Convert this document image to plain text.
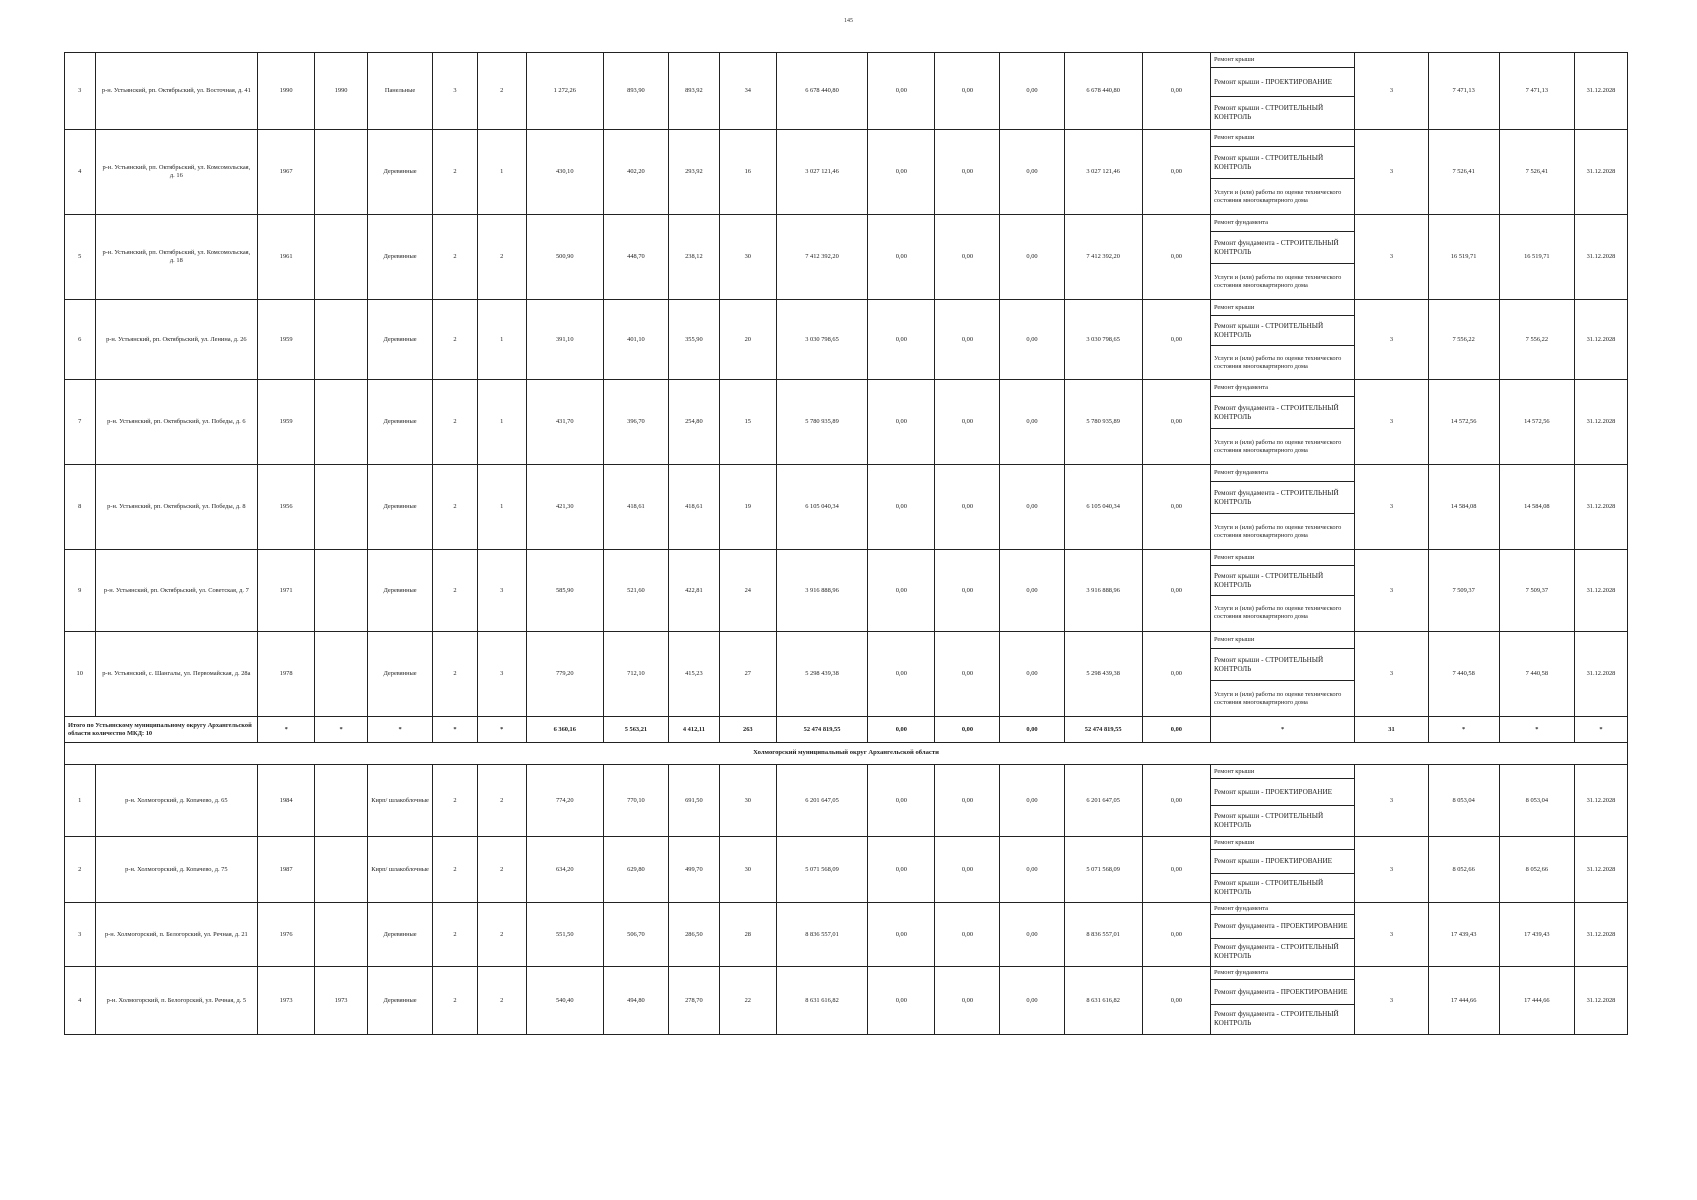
145
3	р-н. Устьянский, рп. Октябрьский, ул. Восточная, д. 41	1990	1990	Панельные	3	2	1 272,26	893,90	893,92	34	6 678 440,80	0,00	0,00	0,00	6 678 440,80	0,00	Ремонт крыши
Ремонт крыши - ПРОЕКТИРОВАНИЕ
Ремонт крыши - СТРОИТЕЛЬНЫЙ КОНТРОЛЬ	3	7 471,13	7 471,13	31.12.2028
4	р-н. Устьянский, рп. Октябрьский, ул. Комсомольская, д. 16	1967		Деревянные	2	1	430,10	402,20	293,92	16	3 027 121,46	0,00	0,00	0,00	3 027 121,46	0,00	Ремонт крыши
Ремонт крыши - СТРОИТЕЛЬНЫЙ КОНТРОЛЬ
Услуги и (или) работы по оценке технического состояния многоквартирного дома	3	7 526,41	7 526,41	31.12.2028
5	р-н. Устьянский, рп. Октябрьский, ул. Комсомольская, д. 18	1961		Деревянные	2	2	500,90	448,70	238,12	30	7 412 392,20	0,00	0,00	0,00	7 412 392,20	0,00	Ремонт фундамента
Ремонт фундамента - СТРОИТЕЛЬНЫЙ КОНТРОЛЬ
Услуги и (или) работы по оценке технического состояния многоквартирного дома	3	16 519,71	16 519,71	31.12.2028
6	р-н. Устьянский, рп. Октябрьский, ул. Ленина, д. 26	1959		Деревянные	2	1	391,10	401,10	355,90	20	3 030 798,65	0,00	0,00	0,00	3 030 798,65	0,00	Ремонт крыши
Ремонт крыши - СТРОИТЕЛЬНЫЙ КОНТРОЛЬ
Услуги и (или) работы по оценке технического состояния многоквартирного дома	3	7 556,22	7 556,22	31.12.2028
7	р-н. Устьянский, рп. Октябрьский, ул. Победы, д. 6	1959		Деревянные	2	1	431,70	396,70	254,80	15	5 780 935,89	0,00	0,00	0,00	5 780 935,89	0,00	Ремонт фундамента
Ремонт фундамента - СТРОИТЕЛЬНЫЙ КОНТРОЛЬ
Услуги и (или) работы по оценке технического состояния многоквартирного дома	3	14 572,56	14 572,56	31.12.2028
8	р-н. Устьянский, рп. Октябрьский, ул. Победы, д. 8	1956		Деревянные	2	1	421,30	418,61	418,61	19	6 105 040,34	0,00	0,00	0,00	6 105 040,34	0,00	Ремонт фундамента
Ремонт фундамента - СТРОИТЕЛЬНЫЙ КОНТРОЛЬ
Услуги и (или) работы по оценке технического состояния многоквартирного дома	3	14 584,08	14 584,08	31.12.2028
9	р-н. Устьянский, рп. Октябрьский, ул. Советская, д. 7	1971		Деревянные	2	3	585,90	521,60	422,81	24	3 916 888,96	0,00	0,00	0,00	3 916 888,96	0,00	Ремонт крыши
Ремонт крыши - СТРОИТЕЛЬНЫЙ КОНТРОЛЬ
Услуги и (или) работы по оценке технического состояния многоквартирного дома	3	7 509,37	7 509,37	31.12.2028
10	р-н. Устьянский, с. Шангалы, ул. Первомайская, д. 28а	1978		Деревянные	2	3	779,20	712,10	415,23	27	5 298 439,38	0,00	0,00	0,00	5 298 439,38	0,00	Ремонт крыши
Ремонт крыши - СТРОИТЕЛЬНЫЙ КОНТРОЛЬ
Услуги и (или) работы по оценке технического состояния многоквартирного дома	3	7 440,58	7 440,58	31.12.2028
Итого по Устьянскому муниципальному округу Архангельской области количество МКД: 10		*	*	*	*	*	6 360,16	5 563,21	4 412,11	263	52 474 819,55	0,00	0,00	0,00	52 474 819,55	0,00	*	31	*	*	*
Холмогорский муниципальный округ Архангельской области																					
1	р-н. Холмогорский, д. Копачево, д. 65	1984		Кирп/ шлакоблочные	2	2	774,20	770,10	691,50	30	6 201 647,05	0,00	0,00	0,00	6 201 647,05	0,00	Ремонт крыши
Ремонт крыши - ПРОЕКТИРОВАНИЕ
Ремонт крыши - СТРОИТЕЛЬНЫЙ КОНТРОЛЬ	3	8 053,04	8 053,04	31.12.2028
2	р-н. Холмогорский, д. Копачево, д. 75	1987		Кирп/ шлакоблочные	2	2	634,20	629,80	499,70	30	5 071 568,09	0,00	0,00	0,00	5 071 568,09	0,00	Ремонт крыши
Ремонт крыши - ПРОЕКТИРОВАНИЕ
Ремонт крыши - СТРОИТЕЛЬНЫЙ КОНТРОЛЬ	3	8 052,66	8 052,66	31.12.2028
3	р-н. Холмогорский, п. Белогорский, ул. Речная, д. 21	1976		Деревянные	2	2	551,50	506,70	286,50	28	8 836 557,01	0,00	0,00	0,00	8 836 557,01	0,00	Ремонт фундамента
Ремонт фундамента - ПРОЕКТИРОВАНИЕ
Ремонт фундамента - СТРОИТЕЛЬНЫЙ КОНТРОЛЬ	3	17 439,43	17 439,43	31.12.2028
4	р-н. Холмогорский, п. Белогорский, ул. Речная, д. 5	1973	1973	Деревянные	2	2	540,40	494,80	278,70	22	8 631 616,82	0,00	0,00	0,00	8 631 616,82	0,00	Ремонт фундамента
Ремонт фундамента - ПРОЕКТИРОВАНИЕ
Ремонт фундамента - СТРОИТЕЛЬНЫЙ КОНТРОЛЬ	3	17 444,66	17 444,66	31.12.2028
